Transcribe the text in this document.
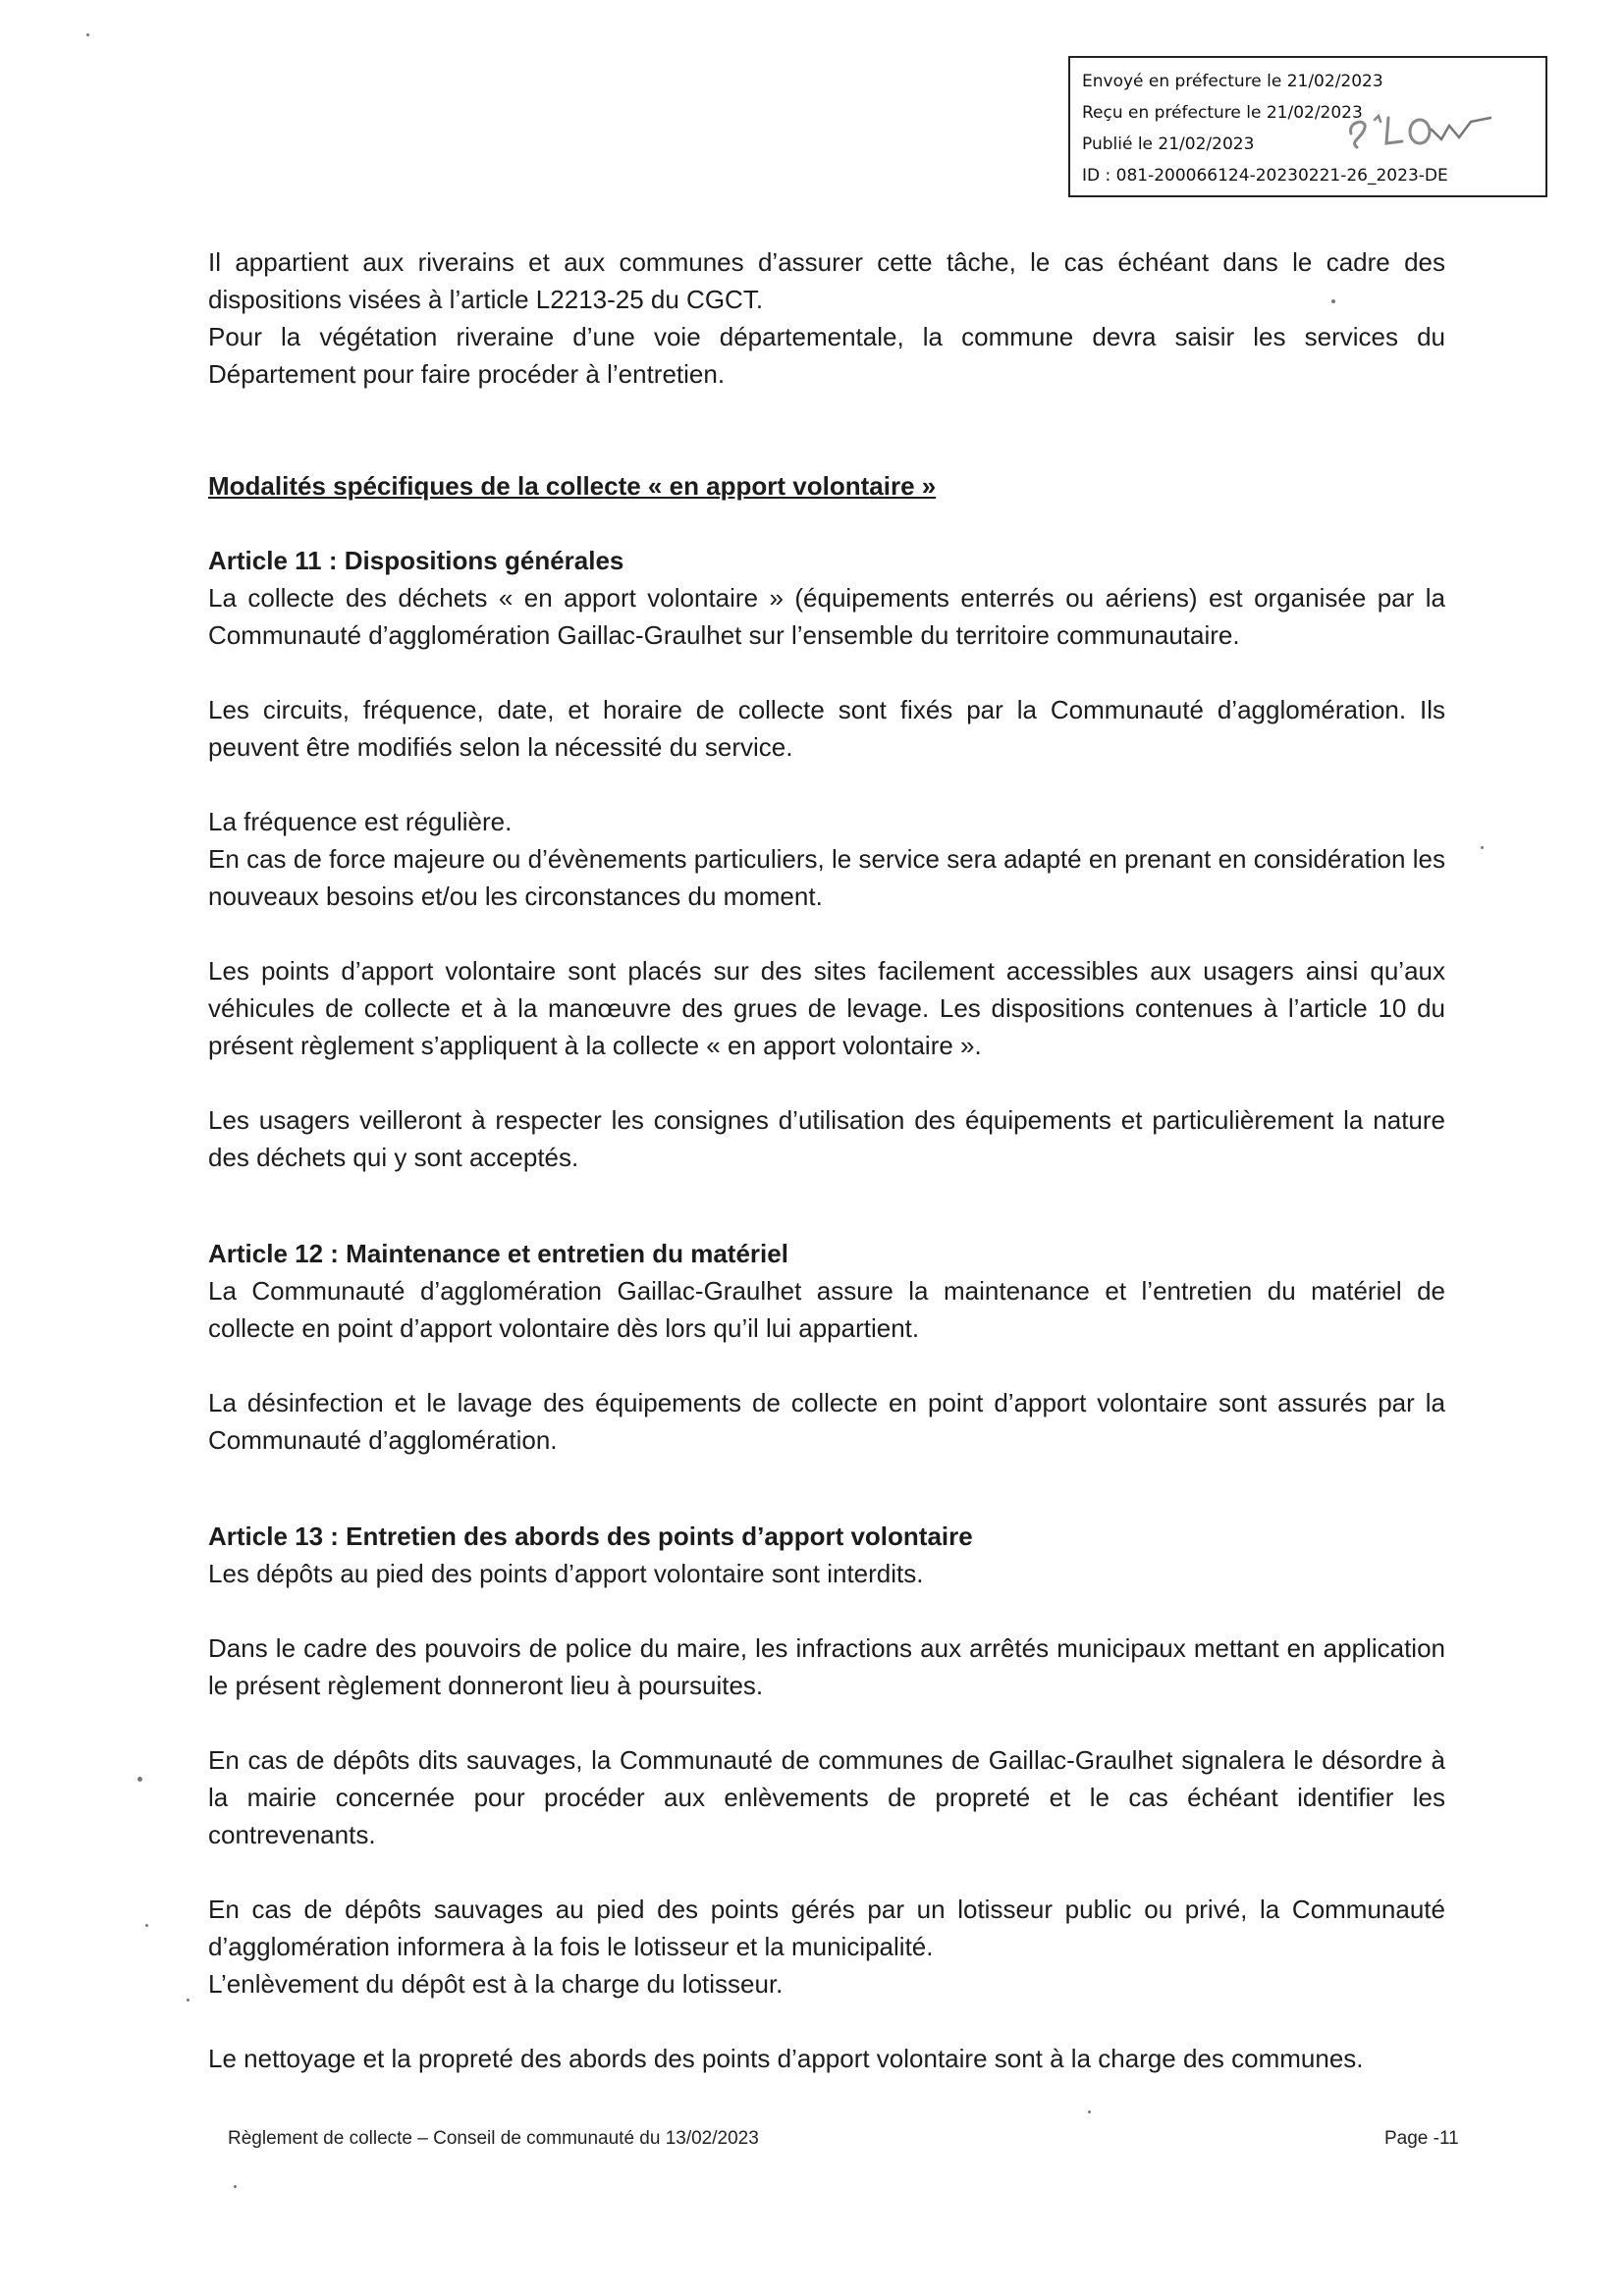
Envoyé en préfecture le 21/02/2023
Reçu en préfecture le 21/02/2023
Publié le 21/02/2023
ID : 081-200066124-20230221-26_2023-DE

Il appartient aux riverains et aux communes d’assurer cette tâche, le cas échéant dans le cadre des dispositions visées à l’article L2213-25 du CGCT.

Pour la végétation riveraine d’une voie départementale, la commune devra saisir les services du Département pour faire procéder à l’entretien.

Modalités spécifiques de la collecte « en apport volontaire »

Article 11 : Dispositions générales

La collecte des déchets « en apport volontaire » (équipements enterrés ou aériens) est organisée par la Communauté d’agglomération Gaillac-Graulhet sur l’ensemble du territoire communautaire.

Les circuits, fréquence, date, et horaire de collecte sont fixés par la Communauté d’agglomération. Ils peuvent être modifiés selon la nécessité du service.

La fréquence est régulière.

En cas de force majeure ou d’évènements particuliers, le service sera adapté en prenant en considération les nouveaux besoins et/ou les circonstances du moment.

Les points d’apport volontaire sont placés sur des sites facilement accessibles aux usagers ainsi qu’aux véhicules de collecte et à la manœuvre des grues de levage. Les dispositions contenues à l’article 10 du présent règlement s’appliquent à la collecte « en apport volontaire ».

Les usagers veilleront à respecter les consignes d’utilisation des équipements et particulièrement la nature des déchets qui y sont acceptés.

Article 12 : Maintenance et entretien du matériel

La Communauté d’agglomération Gaillac-Graulhet assure la maintenance et l’entretien du matériel de collecte en point d’apport volontaire dès lors qu’il lui appartient.

La désinfection et le lavage des équipements de collecte en point d’apport volontaire sont assurés par la Communauté d’agglomération.

Article 13 : Entretien des abords des points d’apport volontaire

Les dépôts au pied des points d’apport volontaire sont interdits.

Dans le cadre des pouvoirs de police du maire, les infractions aux arrêtés municipaux mettant en application le présent règlement donneront lieu à poursuites.

En cas de dépôts dits sauvages, la Communauté de communes de Gaillac-Graulhet signalera le désordre à la mairie concernée pour procéder aux enlèvements de propreté et le cas échéant identifier les contrevenants.

En cas de dépôts sauvages au pied des points gérés par un lotisseur public ou privé, la Communauté d’agglomération informera à la fois le lotisseur et la municipalité.

L’enlèvement du dépôt est à la charge du lotisseur.

Le nettoyage et la propreté des abords des points d’apport volontaire sont à la charge des communes.

Règlement de collecte – Conseil de communauté du 13/02/2023	Page -11
